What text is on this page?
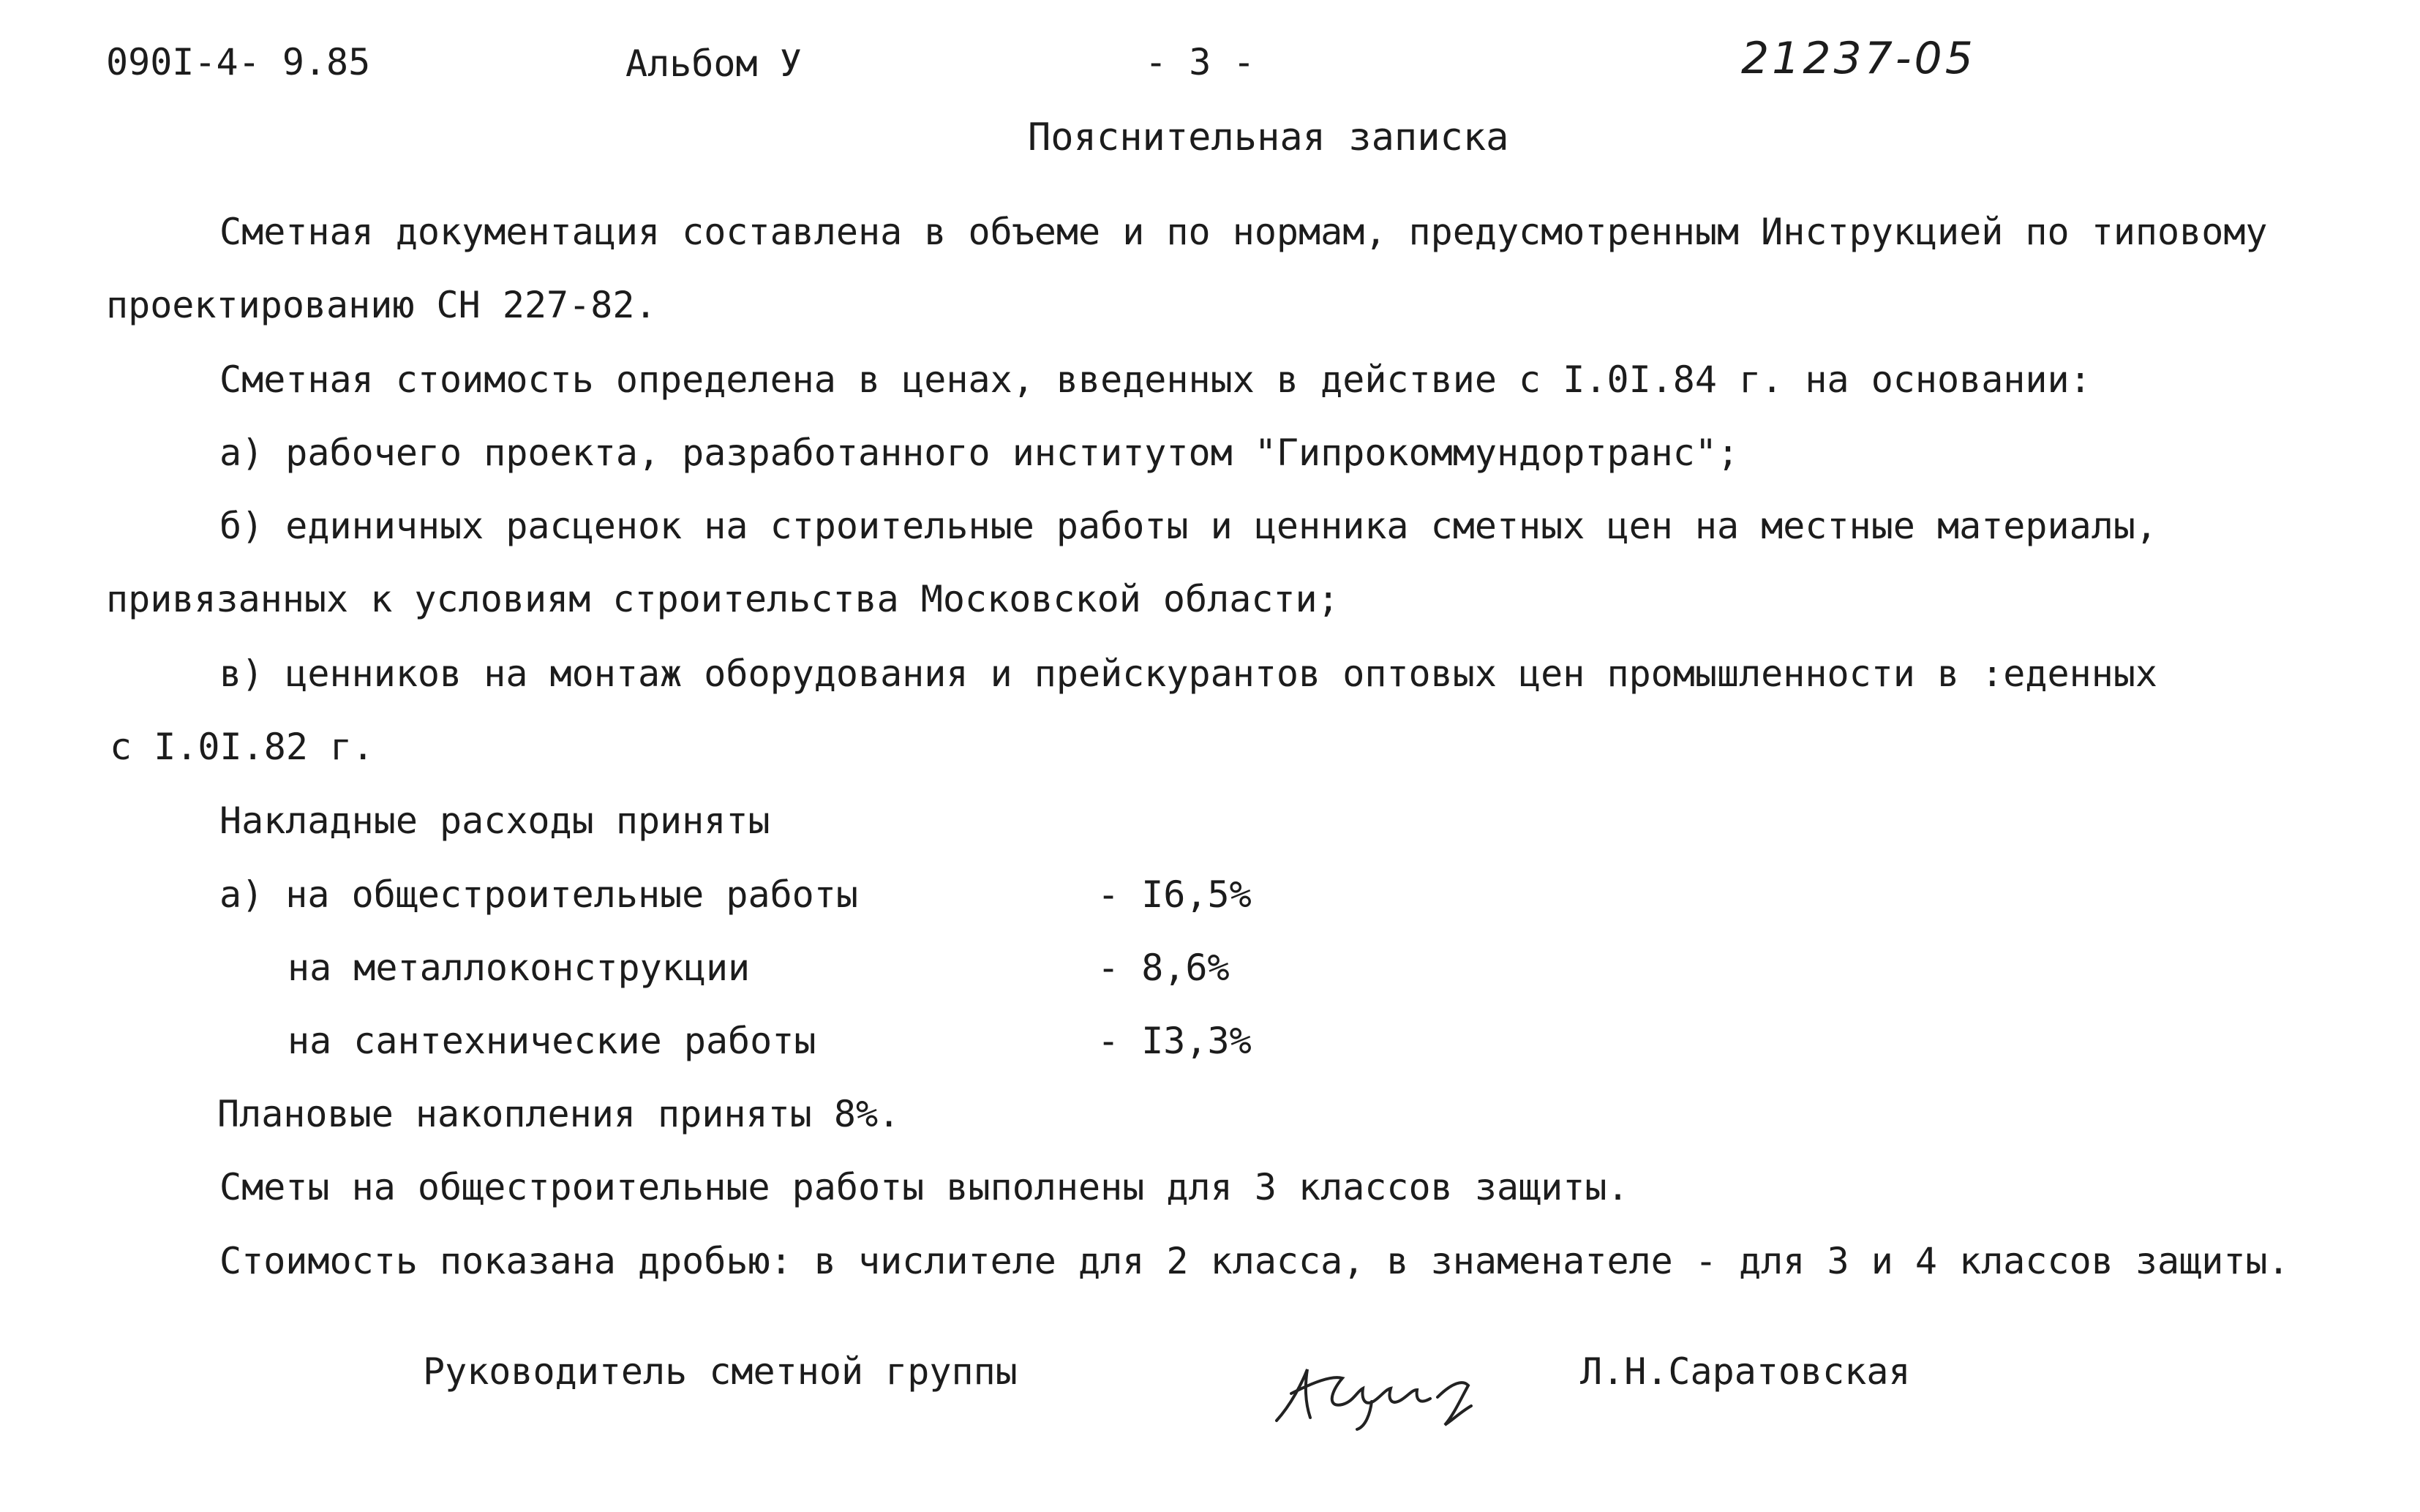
090I-4- 9.85	Альбом У	- 3 -	21237-05
Пояснительная записка
Сметная документация составлена в объеме и по нормам, предусмотренным Инструкцией по типовому
проектированию СН 227-82.
Сметная стоимость определена в ценах, введенных в действие с I.0I.84 г. на основании:
а) рабочего проекта, разработанного институтом "Гипрокоммундортранс";
б) единичных расценок на строительные работы и ценника сметных цен на местные материалы,
привязанных к условиям строительства Московской области;
в) ценников на монтаж оборудования и прейскурантов оптовых цен промышленности в :еденных
с I.0I.82 г.
Накладные расходы приняты
а) на общестроительные работы	- I6,5%
на металлоконструкции	- 8,6%
на сантехнические работы	- I3,3%
Плановые накопления приняты 8%.
Сметы на общестроительные работы выполнены для 3 классов защиты.
Стоимость показана дробью: в числителе для 2 класса, в знаменателе - для 3 и 4 классов защиты.
Руководитель сметной группы	Л.Н.Саратовская
